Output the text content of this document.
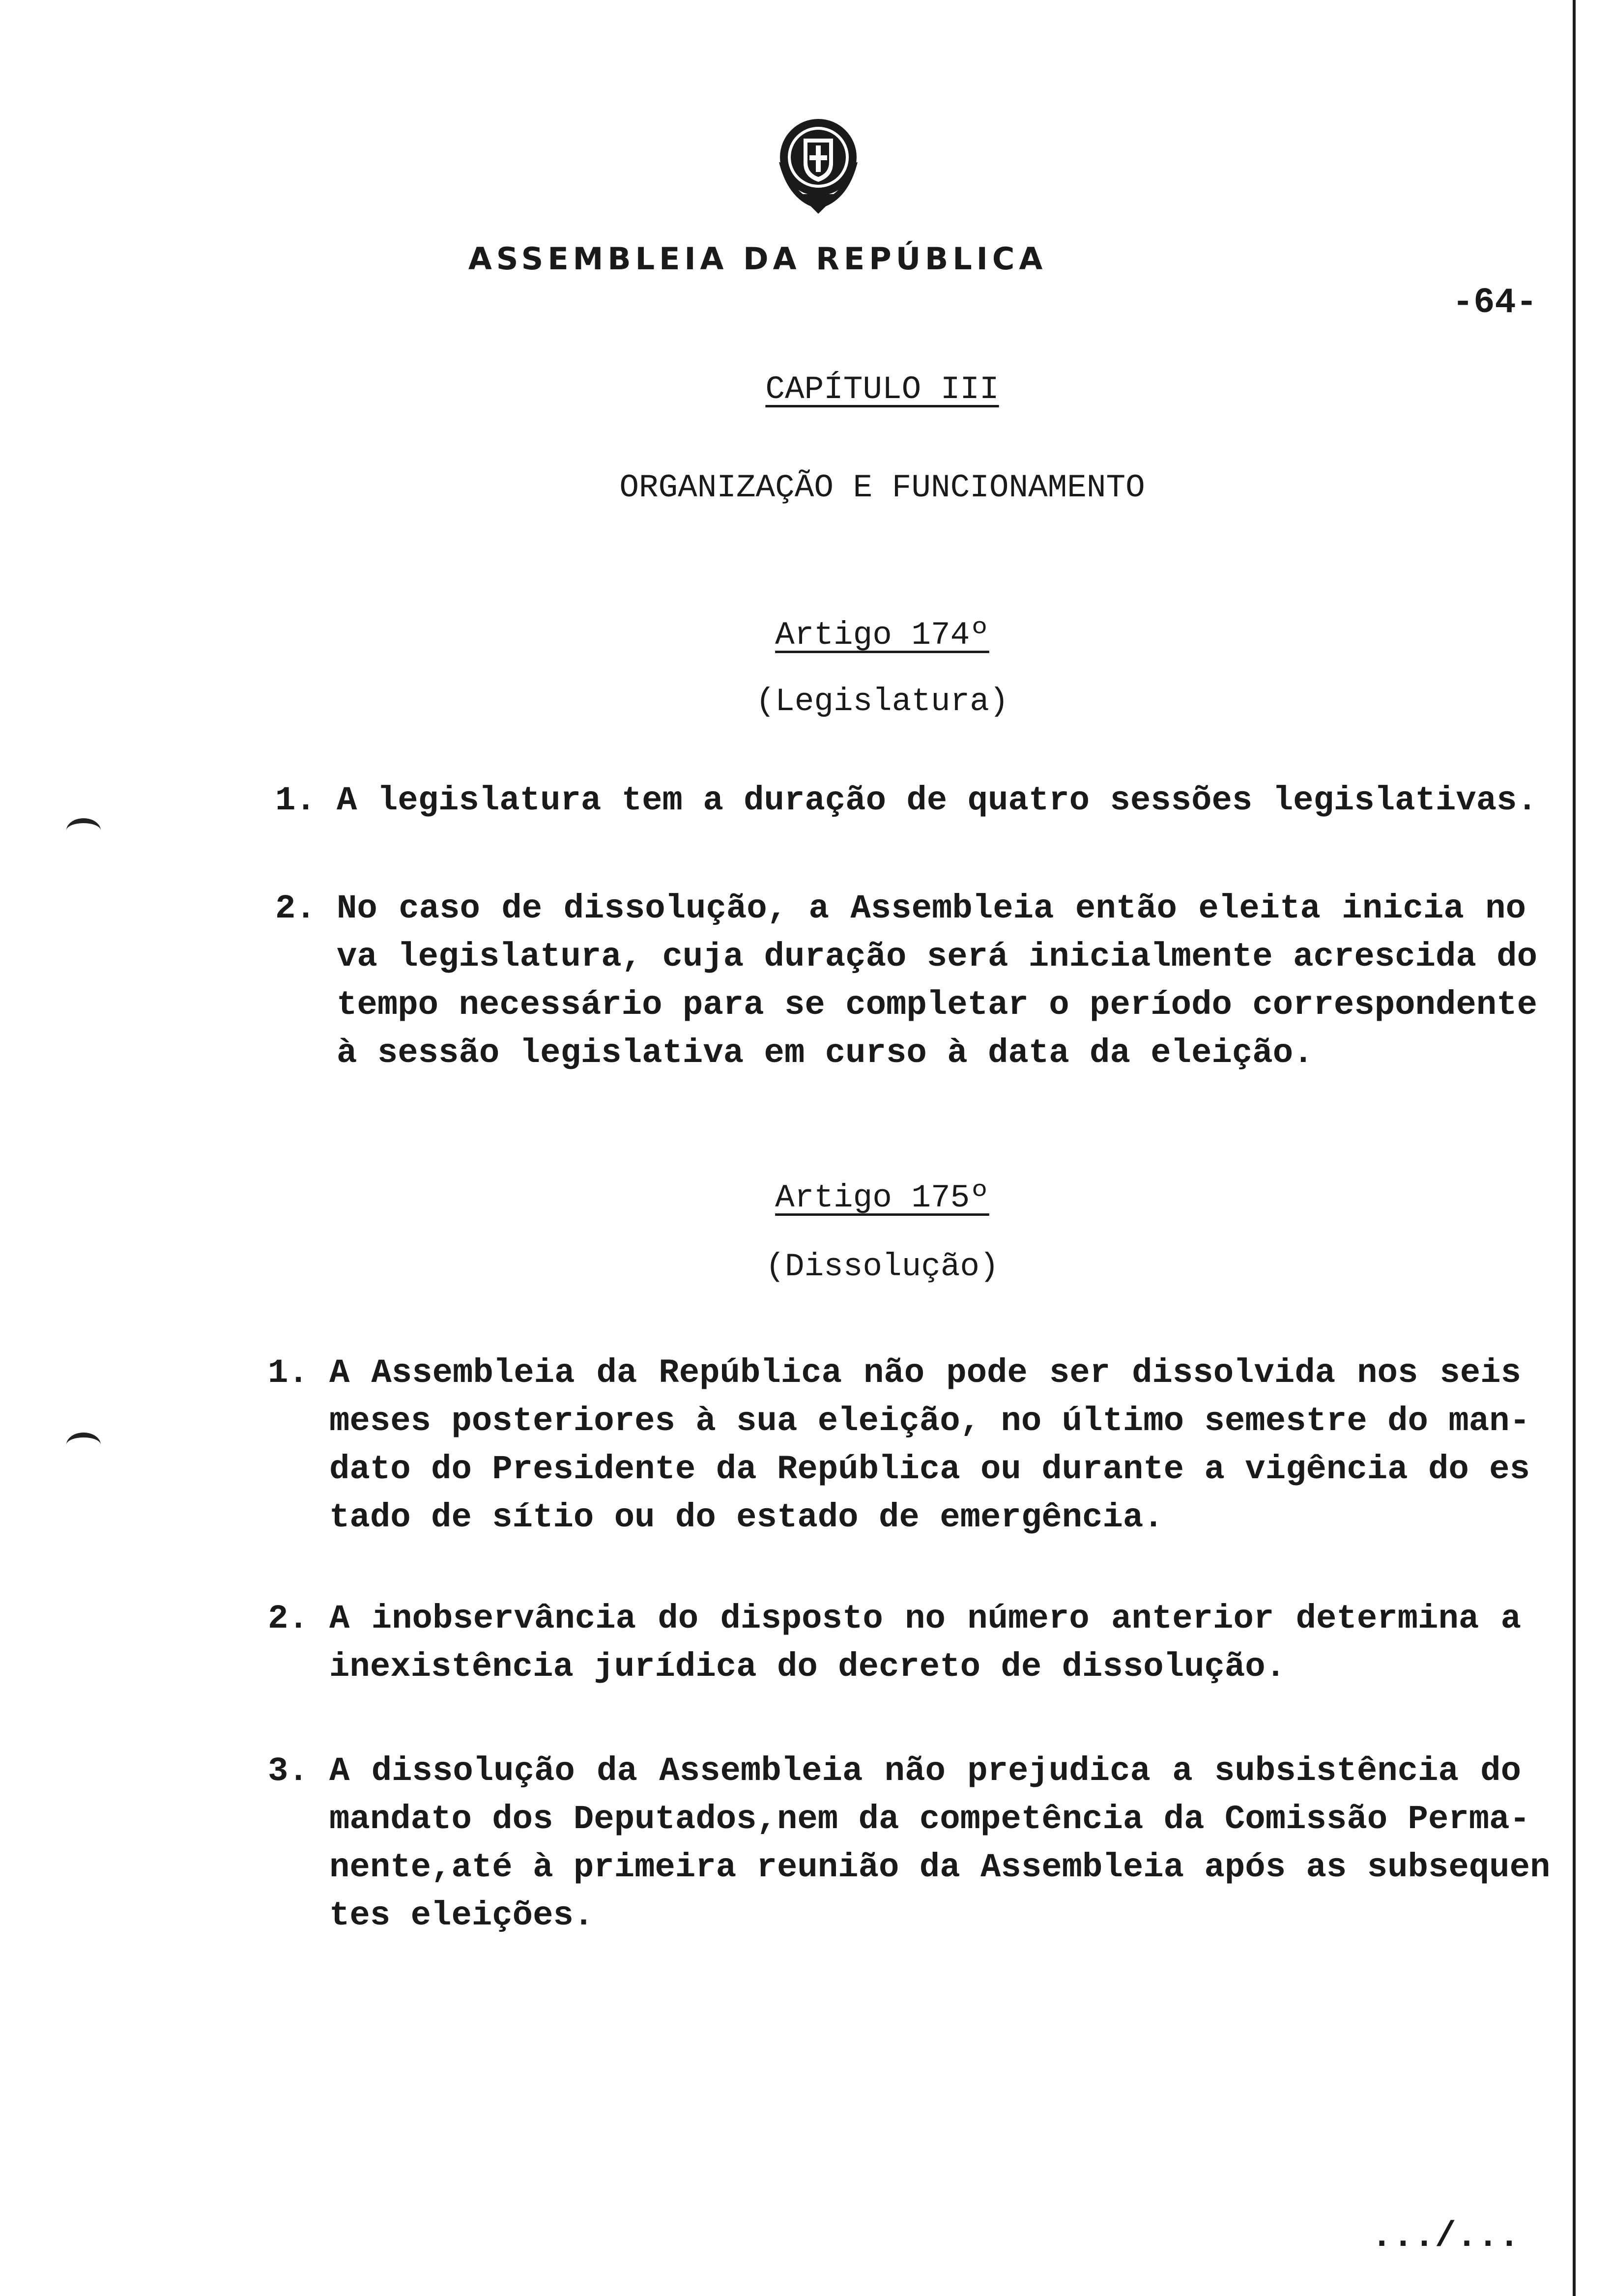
ASSEMBLEIA DA REPÚBLICA
-64-
CAPÍTULO III
ORGANIZAÇÃO E FUNCIONAMENTO
Artigo 174º
(Legislatura)
1. A legislatura tem a duração de quatro sessões legislativas.
2. No caso de dissolução, a Assembleia então eleita inicia no
va legislatura, cuja duração será inicialmente acrescida do
tempo necessário para se completar o período correspondente
à sessão legislativa em curso à data da eleição.
Artigo 175º
(Dissolução)
1. A Assembleia da República não pode ser dissolvida nos seis
meses posteriores à sua eleição, no último semestre do man-
dato do Presidente da República ou durante a vigência do es
tado de sítio ou do estado de emergência.
2. A inobservância do disposto no número anterior determina a
inexistência jurídica do decreto de dissolução.
3. A dissolução da Assembleia não prejudica a subsistência do
mandato dos Deputados,nem da competência da Comissão Perma-
nente,até à primeira reunião da Assembleia após as subsequen
tes eleições.
.../...
